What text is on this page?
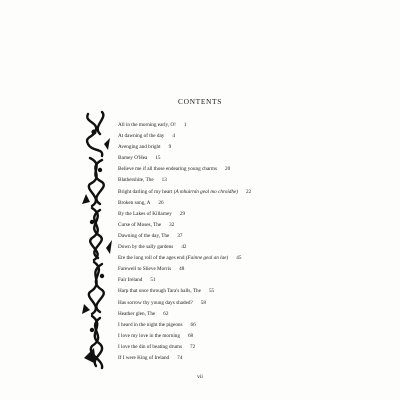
CONTENTS
All in the morning early, O! 1
At dawning of the day 4
Avenging and bright 9
Barney O'Hea 15
Believe me if all those endearing young charms 20
Blathershite, The 13
Bright darling of my heart (A mhuirnín geal mo chroidhe) 22
Broken song, A 26
By the Lakes of Killarney 29
Curse of Moses, The 32
Dawning of the day, The 37
Down by the sally gardens 42
Ere the long roll of the ages end (Fainne geal an lae) 45
Farewell to Slieve Morris 48
Fair Ireland 51
Harp that once through Tara's halls, The 55
Has sorrow thy young days shaded? 58
Heather glen, The 62
I heard in the night the pigeons 66
I love my love in the morning 68
I love the din of beating drums 72
If I were King of Ireland 74
vii
